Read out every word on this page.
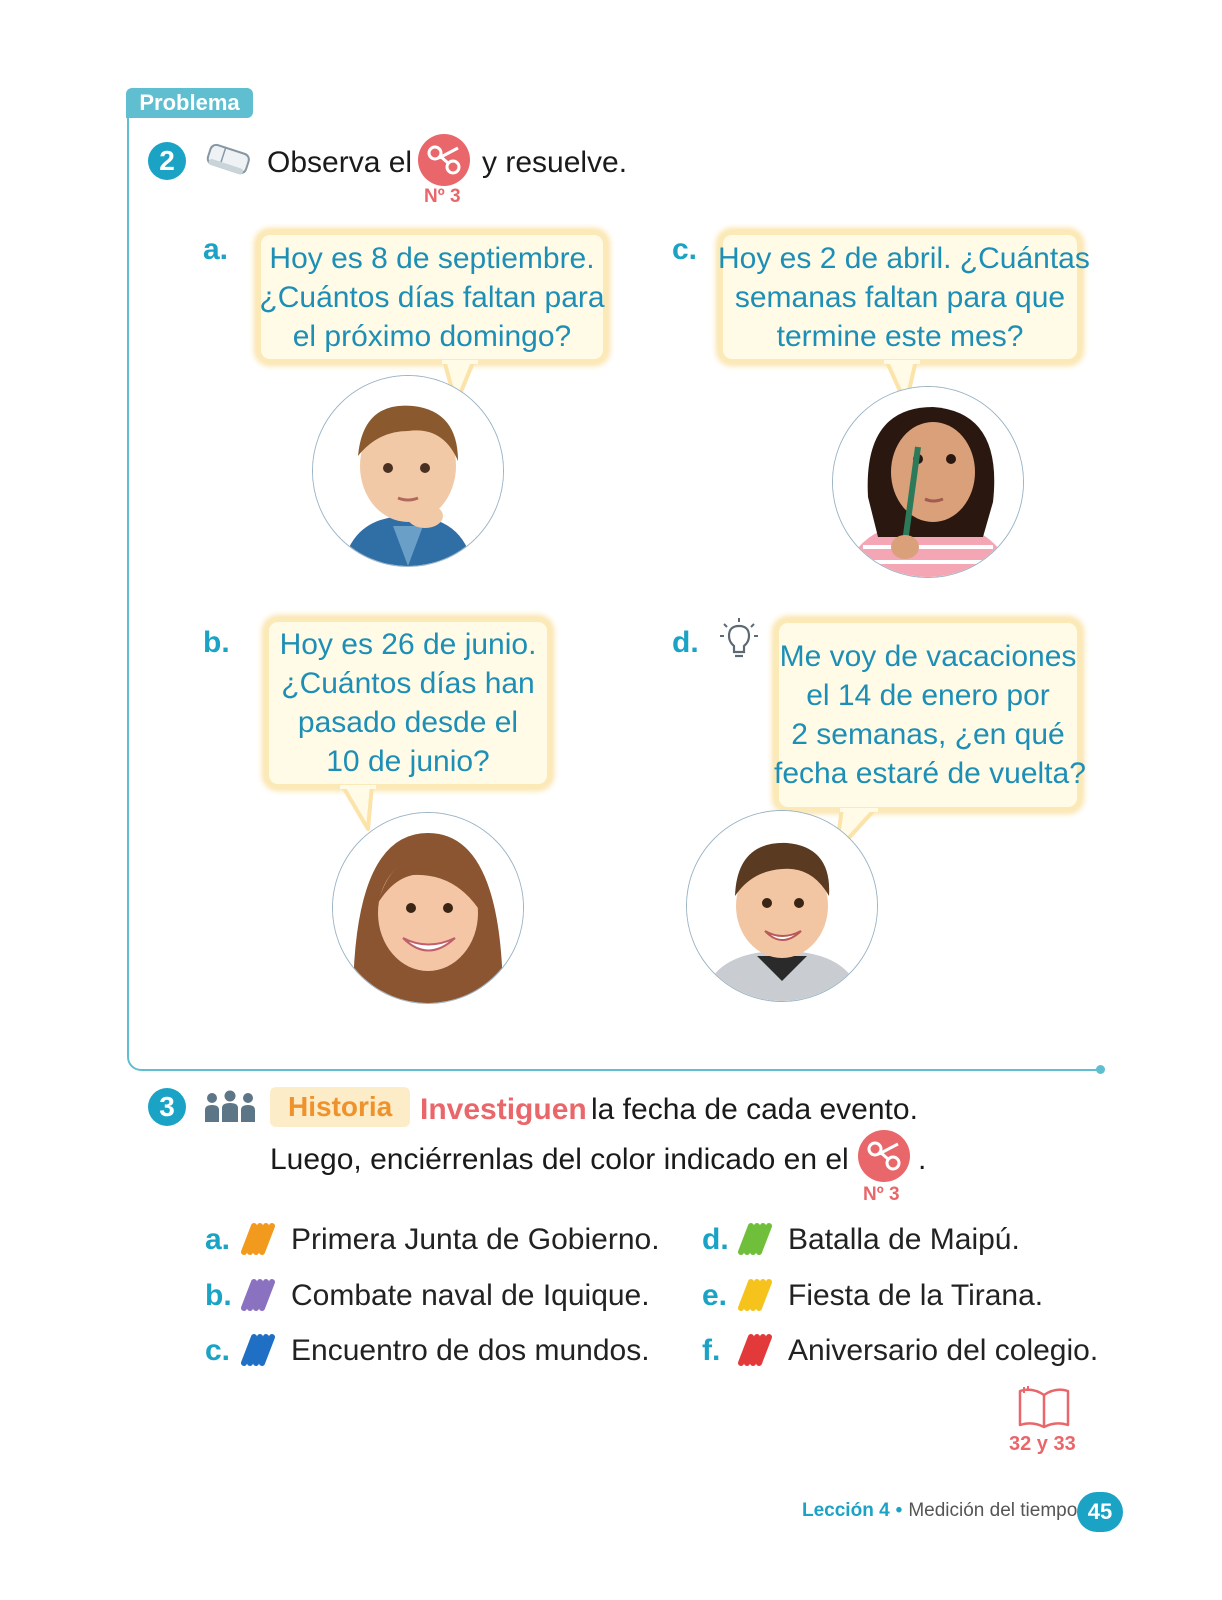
Problema
2	Observa el
Nº 3
y resuelve.
a.	Hoy es 8 de septiembre.
¿Cuántos días faltan para
el próximo domingo?
c. Hoy es 2 de abril. ¿Cuántas
semanas faltan para que
termine este mes?
b.	Hoy es 26 de junio.
¿Cuántos días han
pasado desde el
10 de junio?
d.	Me voy de vacaciones
el 14 de enero por
2 semanas, ¿en qué
fecha estaré de vuelta?
3	Historia Investiguen la fecha de cada evento.
Luego, enciérrenlas del color indicado en el
Nº 3
.
a. Primera Junta de Gobierno.
b. Combate naval de Iquique.
c. Encuentro de dos mundos.
d. Batalla de Maipú.
e. Fiesta de la Tirana.
f. Aniversario del colegio.
32 y 33
Lección 4 • Medición del tiempo 45
